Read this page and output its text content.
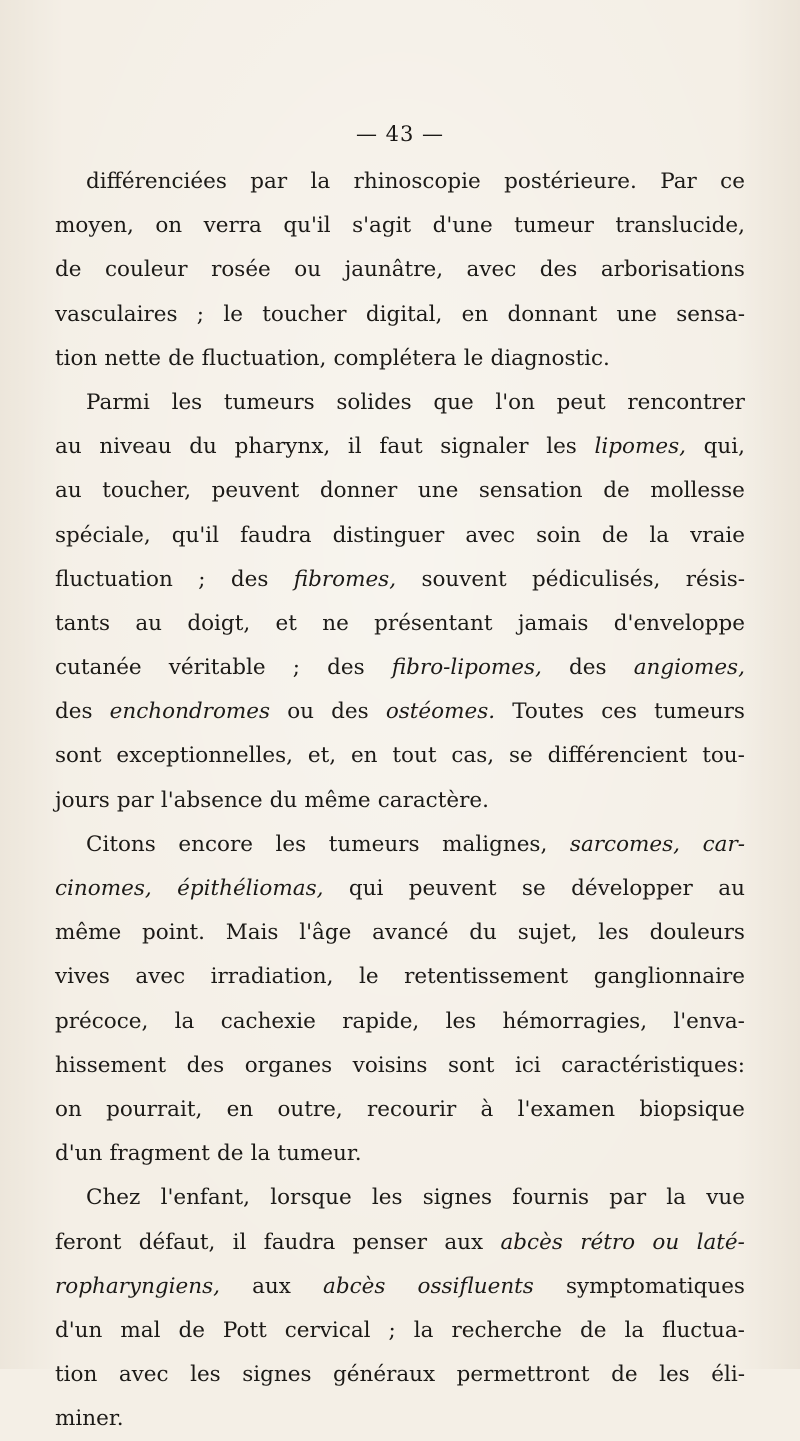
— 43 —
différenciées par la rhinoscopie postérieure. Par ce
moyen, on verra qu'il s'agit d'une tumeur translucide,
de couleur rosée ou jaunâtre, avec des arborisations
vasculaires ; le toucher digital, en donnant une sensa-
tion nette de fluctuation, complétera le diagnostic.
Parmi les tumeurs solides que l'on peut rencontrer
au niveau du pharynx, il faut signaler les lipomes, qui,
au toucher, peuvent donner une sensation de mollesse
spéciale, qu'il faudra distinguer avec soin de la vraie
fluctuation ; des fibromes, souvent pédiculisés, résis-
tants au doigt, et ne présentant jamais d'enveloppe
cutanée véritable ; des fibro-lipomes, des angiomes,
des enchondromes ou des ostéomes. Toutes ces tumeurs
sont exceptionnelles, et, en tout cas, se différencient tou-
jours par l'absence du même caractère.
Citons encore les tumeurs malignes, sarcomes, car-
cinomes, épithéliomas, qui peuvent se développer au
même point. Mais l'âge avancé du sujet, les douleurs
vives avec irradiation, le retentissement ganglionnaire
précoce, la cachexie rapide, les hémorragies, l'enva-
hissement des organes voisins sont ici caractéristiques:
on pourrait, en outre, recourir à l'examen biopsique
d'un fragment de la tumeur.
Chez l'enfant, lorsque les signes fournis par la vue
feront défaut, il faudra penser aux abcès rétro ou laté-
ropharyngiens, aux abcès ossifluents symptomatiques
d'un mal de Pott cervical ; la recherche de la fluctua-
tion avec les signes généraux permettront de les éli-
miner.
